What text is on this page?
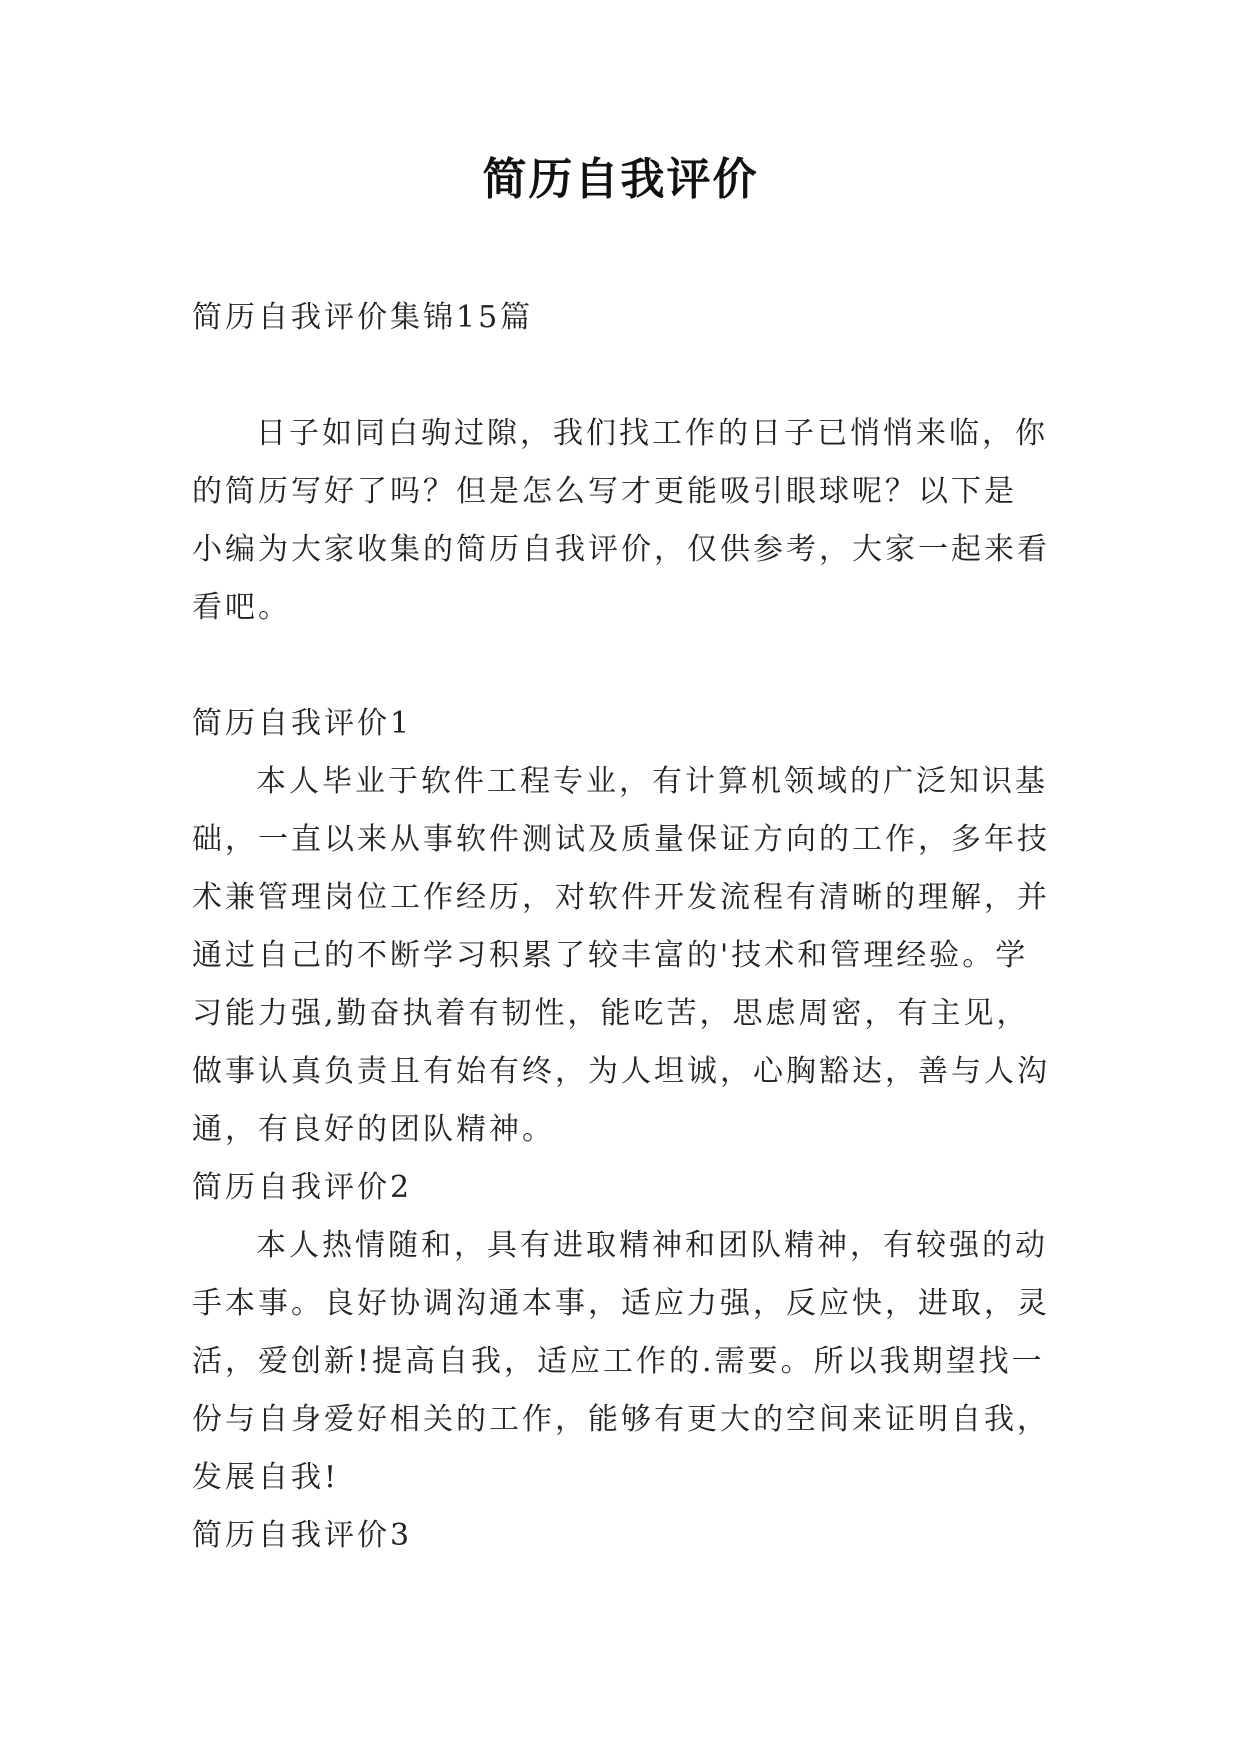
简历自我评价
简历自我评价集锦15篇
日子如同白驹过隙，我们找工作的日子已悄悄来临，你
的简历写好了吗？但是怎么写才更能吸引眼球呢？以下是
小编为大家收集的简历自我评价，仅供参考，大家一起来看
看吧。
简历自我评价1
本人毕业于软件工程专业，有计算机领域的广泛知识基
础，一直以来从事软件测试及质量保证方向的工作，多年技
术兼管理岗位工作经历，对软件开发流程有清晰的理解，并
通过自己的不断学习积累了较丰富的'技术和管理经验。学
习能力强,勤奋执着有韧性，能吃苦，思虑周密，有主见，
做事认真负责且有始有终，为人坦诚，心胸豁达，善与人沟
通，有良好的团队精神。
简历自我评价2
本人热情随和，具有进取精神和团队精神，有较强的动
手本事。良好协调沟通本事，适应力强，反应快，进取，灵
活，爱创新!提高自我，适应工作的.需要。所以我期望找一
份与自身爱好相关的工作，能够有更大的空间来证明自我，
发展自我!
简历自我评价3
